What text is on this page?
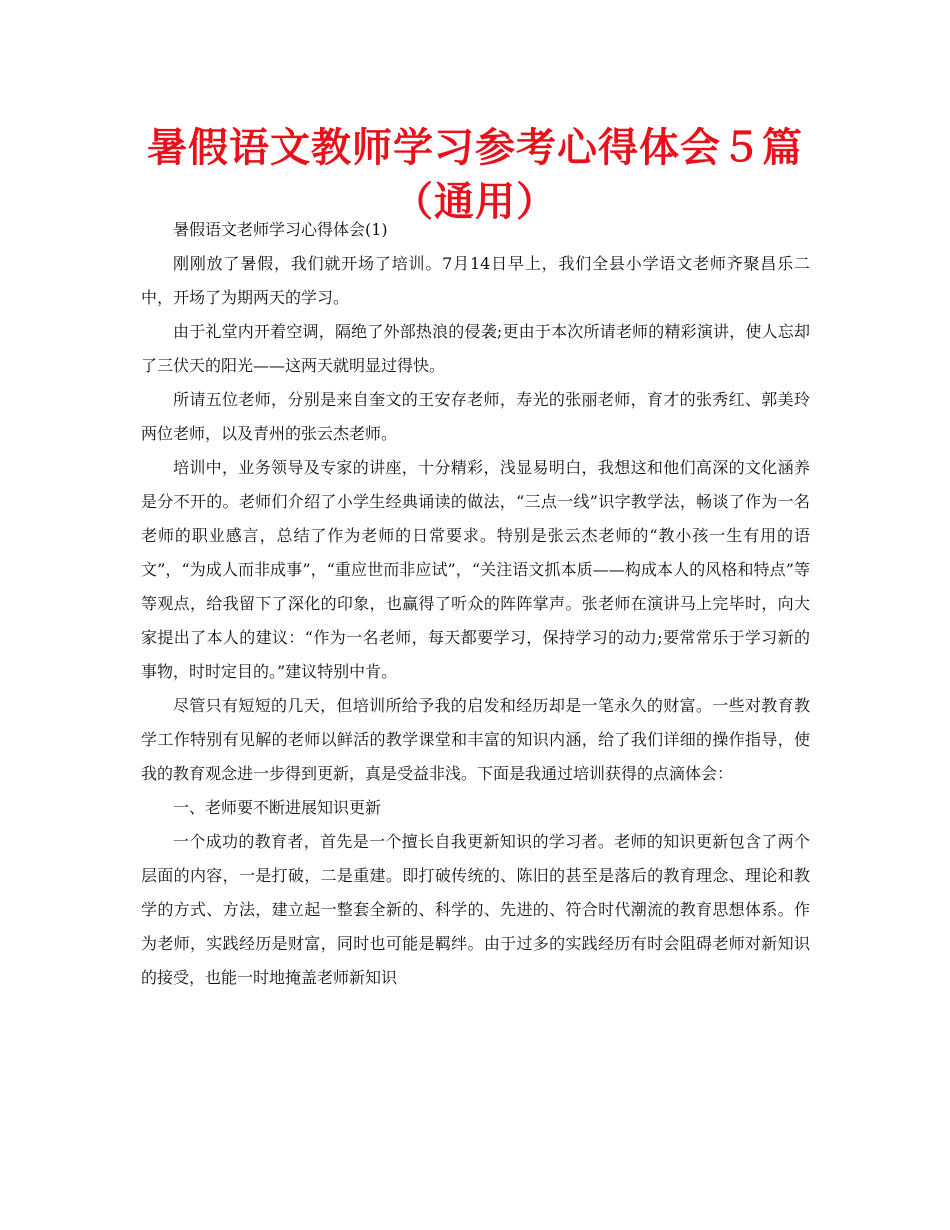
暑假语文教师学习参考心得体会５篇（通用）

暑假语文老师学习心得体会(1)

刚刚放了暑假，我们就开场了培训。7月14日早上，我们全县小学语文老师齐聚昌乐二中，开场了为期两天的学习。

由于礼堂内开着空调，隔绝了外部热浪的侵袭;更由于本次所请老师的精彩演讲，使人忘却了三伏天的阳光——这两天就明显过得快。

所请五位老师，分别是来自奎文的王安存老师，寿光的张丽老师，育才的张秀红、郭美玲两位老师，以及青州的张云杰老师。

培训中，业务领导及专家的讲座，十分精彩，浅显易明白，我想这和他们高深的文化涵养是分不开的。老师们介绍了小学生经典诵读的做法，“三点一线”识字教学法，畅谈了作为一名老师的职业感言，总结了作为老师的日常要求。特别是张云杰老师的“教小孩一生有用的语文”，“为成人而非成事”，“重应世而非应试”，“关注语文抓本质——构成本人的风格和特点”等等观点，给我留下了深化的印象，也赢得了听众的阵阵掌声。张老师在演讲马上完毕时，向大家提出了本人的建议：“作为一名老师，每天都要学习，保持学习的动力;要常常乐于学习新的事物，时时定目的。”建议特别中肯。

尽管只有短短的几天，但培训所给予我的启发和经历却是一笔永久的财富。一些对教育教学工作特别有见解的老师以鲜活的教学课堂和丰富的知识内涵，给了我们详细的操作指导，使我的教育观念进一步得到更新，真是受益非浅。下面是我通过培训获得的点滴体会：

一、老师要不断进展知识更新

一个成功的教育者，首先是一个擅长自我更新知识的学习者。老师的知识更新包含了两个层面的内容，一是打破，二是重建。即打破传统的、陈旧的甚至是落后的教育理念、理论和教学的方式、方法，建立起一整套全新的、科学的、先进的、符合时代潮流的教育思想体系。作为老师，实践经历是财富，同时也可能是羁绊。由于过多的实践经历有时会阻碍老师对新知识的接受，也能一时地掩盖老师新知识
